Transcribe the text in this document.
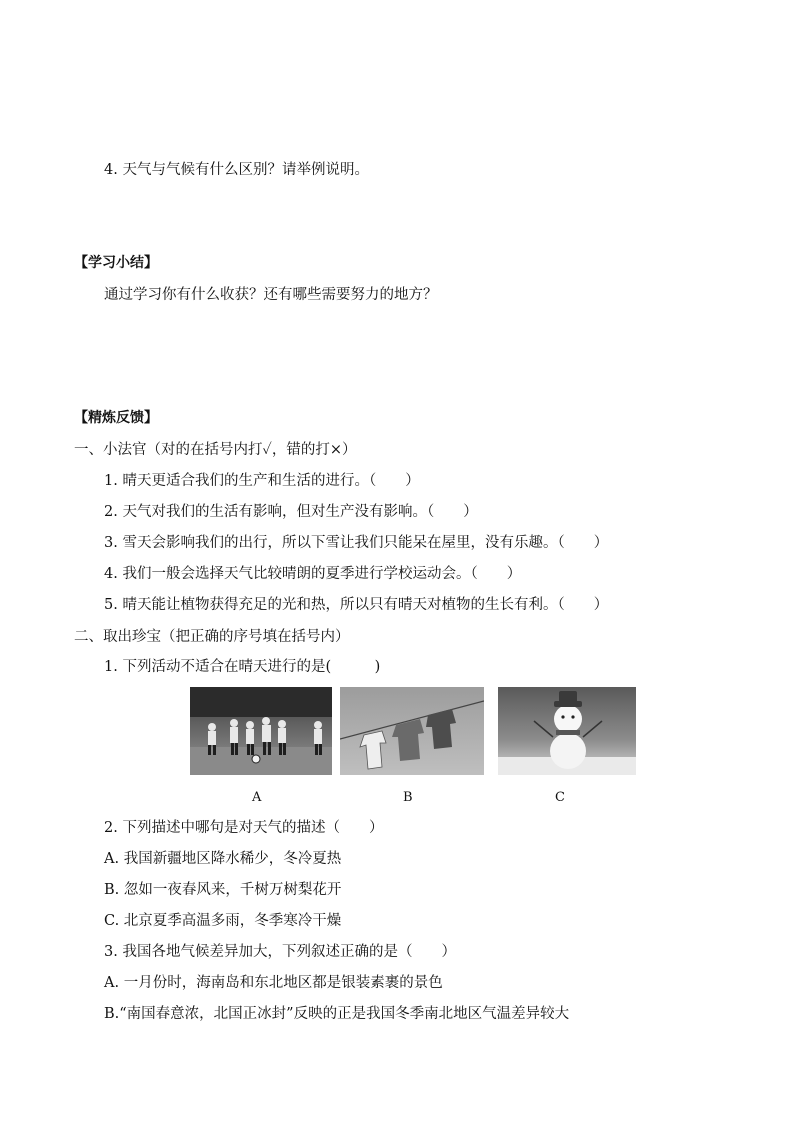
4. 天气与气候有什么区别？请举例说明。
【学习小结】
通过学习你有什么收获？还有哪些需要努力的地方？
【精炼反馈】
一、小法官（对的在括号内打✓，错的打×）
1. 晴天更适合我们的生产和生活的进行。（　　）
2. 天气对我们的生活有影响，但对生产没有影响。（　　）
3. 雪天会影响我们的出行，所以下雪让我们只能呆在屋里，没有乐趣。（　　）
4. 我们一般会选择天气比较晴朗的夏季进行学校运动会。（　　）
5. 晴天能让植物获得充足的光和热，所以只有晴天对植物的生长有利。（　　）
二、取出珍宝（把正确的序号填在括号内）
1. 下列活动不适合在晴天进行的是(　　　)
A	B	C
2. 下列描述中哪句是对天气的描述（　　）
A. 我国新疆地区降水稀少，冬冷夏热
B. 忽如一夜春风来，千树万树梨花开
C. 北京夏季高温多雨，冬季寒冷干燥
3. 我国各地气候差异加大，下列叙述正确的是（　　）
A. 一月份时，海南岛和东北地区都是银装素裹的景色
B.“南国春意浓，北国正冰封”反映的正是我国冬季南北地区气温差异较大
